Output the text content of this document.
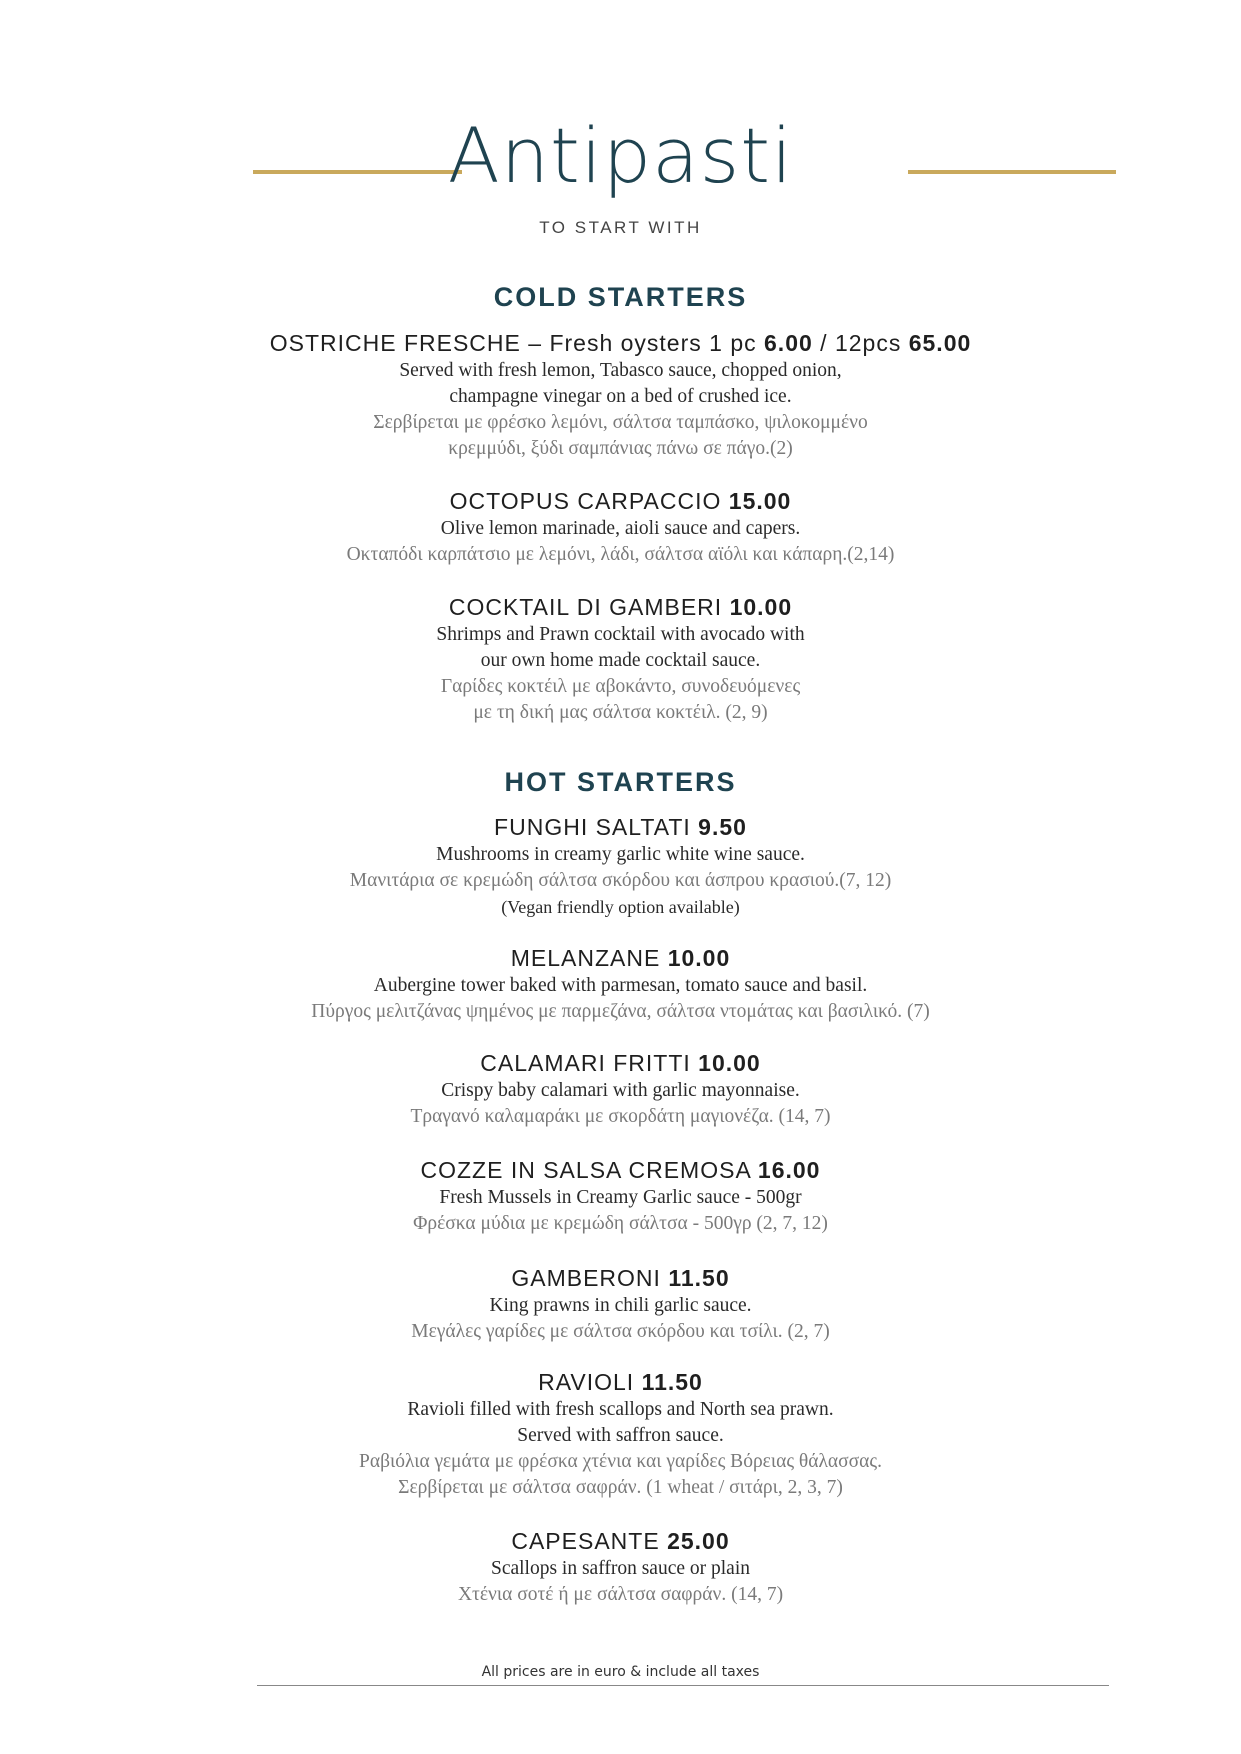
Antipasti
TO START WITH
COLD STARTERS
OSTRICHE FRESCHE – Fresh oysters 1 pc 6.00 / 12pcs 65.00
Served with fresh lemon, Tabasco sauce, chopped onion,
champagne vinegar on a bed of crushed ice.
Σερβίρεται με φρέσκο λεμόνι, σάλτσα ταμπάσκο, ψιλοκομμένο
κρεμμύδι, ξύδι σαμπάνιας πάνω σε πάγο.(2)
OCTOPUS CARPACCIO 15.00
Olive lemon marinade, aioli sauce and capers.
Οκταπόδι καρπάτσιο με λεμόνι, λάδι, σάλτσα αϊόλι και κάπαρη.(2,14)
COCKTAIL DI GAMBERI 10.00
Shrimps and Prawn cocktail with avocado with
our own home made cocktail sauce.
Γαρίδες κοκτέιλ με αβοκάντο, συνοδευόμενες
με τη δική μας σάλτσα κοκτέιλ. (2, 9)
HOT STARTERS
FUNGHI SALTATI 9.50
Mushrooms in creamy garlic white wine sauce.
Μανιτάρια σε κρεμώδη σάλτσα σκόρδου και άσπρου κρασιού.(7, 12)
(Vegan friendly option available)
MELANZANE 10.00
Aubergine tower baked with parmesan, tomato sauce and basil.
Πύργος μελιτζάνας ψημένος με παρμεζάνα, σάλτσα ντομάτας και βασιλικό. (7)
CALAMARI FRITTI 10.00
Crispy baby calamari with garlic mayonnaise.
Τραγανό καλαμαράκι με σκορδάτη μαγιονέζα. (14, 7)
COZZE IN SALSA CREMOSA 16.00
Fresh Mussels in Creamy Garlic sauce - 500gr
Φρέσκα μύδια με κρεμώδη σάλτσα - 500γρ (2, 7, 12)
GAMBERONI 11.50
King prawns in chili garlic sauce.
Μεγάλες γαρίδες με σάλτσα σκόρδου και τσίλι. (2, 7)
RAVIOLI 11.50
Ravioli filled with fresh scallops and North sea prawn.
Served with saffron sauce.
Ραβιόλια γεμάτα με φρέσκα χτένια και γαρίδες Βόρειας θάλασσας.
Σερβίρεται με σάλτσα σαφράν. (1 wheat / σιτάρι, 2, 3, 7)
CAPESANTE 25.00
Scallops in saffron sauce or plain
Χτένια σοτέ ή με σάλτσα σαφράν. (14, 7)
All prices are in euro & include all taxes
